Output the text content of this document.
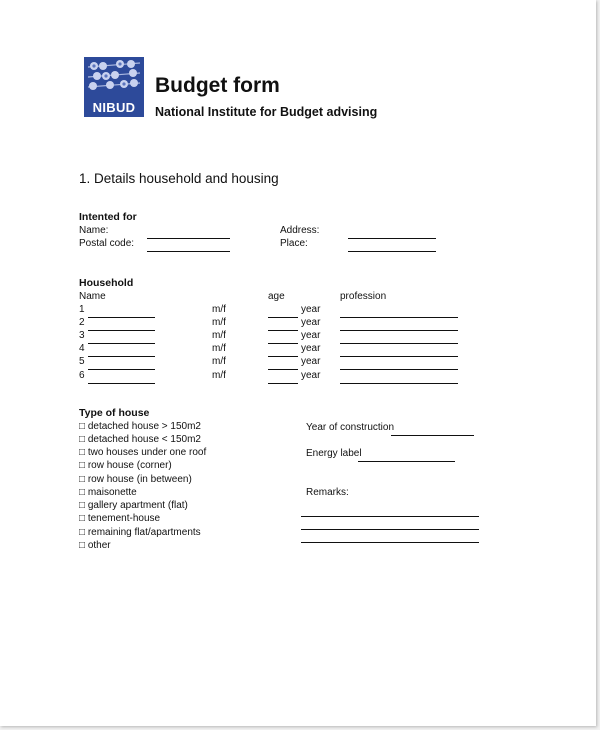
NIBUD
Budget form
National Institute for Budget advising
1. Details household and housing
Intented for
Name:
Postal code:
Address:
Place:
Household
Name	age	profession
1	m/f	year
2	m/f	year
3	m/f	year
4	m/f	year
5	m/f	year
6	m/f	year
Type of house
□ detached house > 150m2
□ detached house < 150m2
□ two houses under one roof
□ row house (corner)
□ row house (in between)
□ maisonette
□ gallery apartment (flat)
□ tenement-house
□ remaining flat/apartments
□ other
Year of construction
Energy label
Remarks:
